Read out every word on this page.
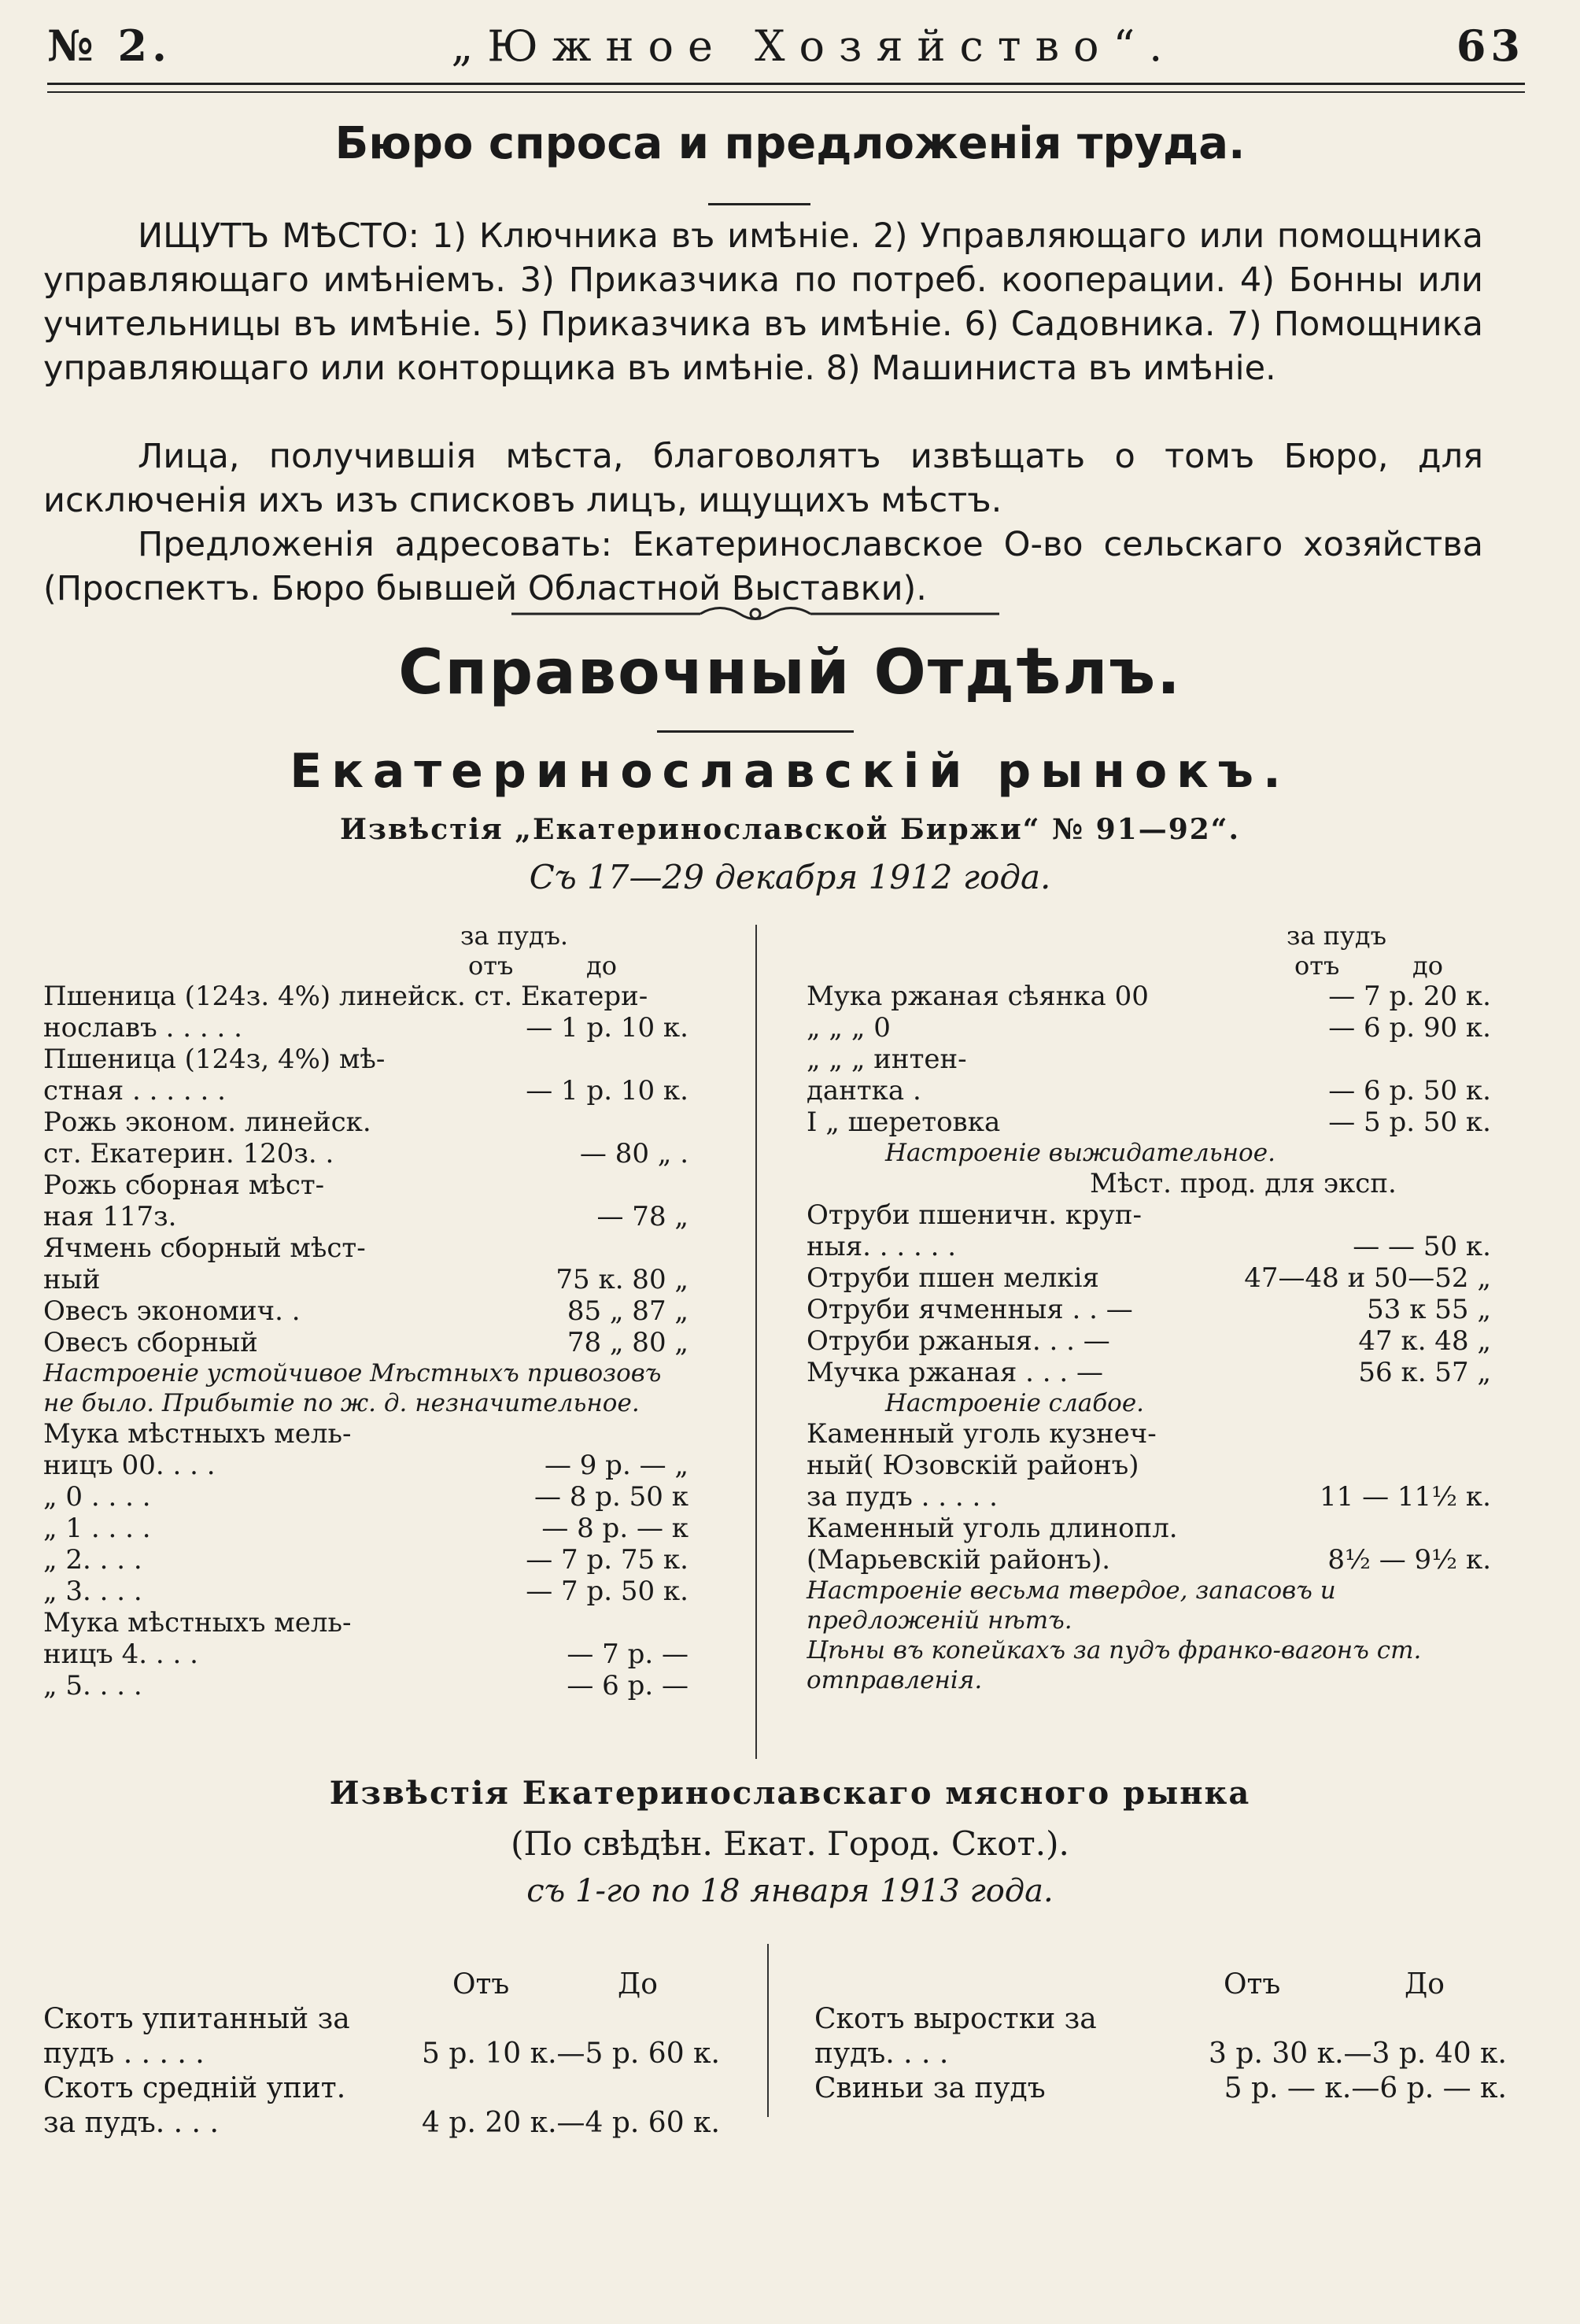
№ 2.	„Южное Хозяйство“.	63
Бюро спроса и предложенія труда.
ИЩУТЪ МѢСТО: 1) Ключника въ имѣніе. 2) Управляющаго или помощника управляющаго имѣніемъ. 3) Приказчика по потреб. кооперации. 4) Бонны или учительницы въ имѣніе. 5) Приказчика въ имѣніе. 6) Садовника. 7) Помощника управляющаго или конторщика въ имѣніе. 8) Машиниста въ имѣніе.
Лица, получившія мѣста, благоволятъ извѣщать о томъ Бюро, для исключенія ихъ изъ списковъ лицъ, ищущихъ мѣстъ.
Предложенія адресовать: Екатеринославское О-во сельскаго хозяйства (Проспектъ. Бюро бывшей Областной Выставки).
Справочный Отдѣлъ.
Екатеринославскій рынокъ.
Извѣстія „Екатеринославской Биржи“ № 91—92“.
Съ 17—29 декабря 1912 года.
за пудъ.
отъ	до
Пшеница (124з. 4%) линейск. ст. Екатери-
нославъ . . . . .	— 1 р. 10 к.
Пшеница (124з, 4%) мѣ-
стная . . . . . .	— 1 р. 10 к.
Рожь эконом. линейск.
ст. Екатерин. 120з. .	— 80 „ .
Рожь сборная мѣст-
ная 117з.	— 78 „
Ячмень сборный мѣст-
ный	75 к. 80 „
Овесъ экономич. .	85 „ 87 „
Овесъ сборный	78 „ 80 „
Настроеніе устойчивое Мѣстныхъ привозовъ не было. Прибытіе по ж. д. незначительное.
Мука мѣстныхъ мель-
ницъ 00. . . .	— 9 р. — „
„ 0 . . . .	— 8 р. 50 к
„ 1 . . . .	— 8 р. — к
„ 2. . . .	— 7 р. 75 к.
„ 3. . . .	— 7 р. 50 к.
Мука мѣстныхъ мель-
ницъ 4. . . .	— 7 р. —
„ 5. . . .	— 6 р. —
за пудъ
отъ	до
Мука ржаная сѣянка 00	— 7 р. 20 к.
„ „ „ 0	— 6 р. 90 к.
„ „ „ интен-
дантка .	— 6 р. 50 к.
I „ шеретовка	— 5 р. 50 к.
Настроеніе выжидательное.
Мѣст. прод. для эксп.
Отруби пшеничн. круп-
ныя. . . . . .	— — 50 к.
Отруби пшен мелкія	47—48 и 50—52 „
Отруби ячменныя . . —	53 к 55 „
Отруби ржаныя. . . —	47 к. 48 „
Мучка ржаная . . . —	56 к. 57 „
Настроеніе слабое.
Каменный уголь кузнеч-
ный( Юзовскій районъ)
за пудъ . . . . .	11 — 11½ к.
Каменный уголь длинопл.
(Марьевскій районъ).	8½ — 9½ к.
Настроеніе весьма твердое, запасовъ и предложеній нѣтъ.
Цѣны въ копейкахъ за пудъ франко-вагонъ ст. отправленія.
Извѣстія Екатеринославскаго мясного рынка
(По свѣдѣн. Екат. Город. Скот.).
съ 1-го по 18 января 1913 года.
Отъ	До
Скотъ упитанный за
пудъ . . . . .	5 р. 10 к.—5 р. 60 к.
Скотъ средній упит.
за пудъ. . . .	4 р. 20 к.—4 р. 60 к.
Отъ	До
Скотъ выростки за
пудъ. . . .	3 р. 30 к.—3 р. 40 к.
Свиньи за пудъ	5 р. — к.—6 р. — к.
